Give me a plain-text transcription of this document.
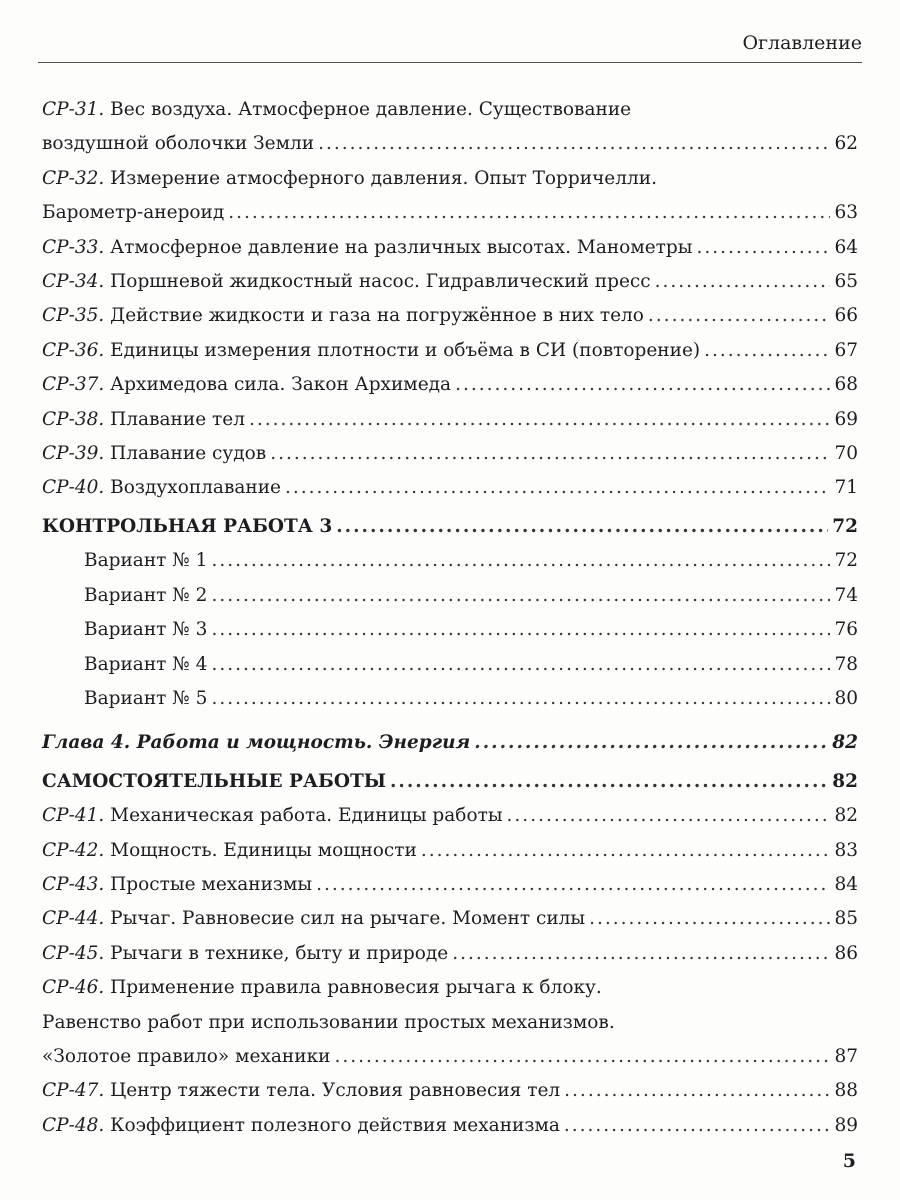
Оглавление
СР-31. Вес воздуха. Атмосферное давление. Существование
воздушной оболочки Земли .....	62
СР-32. Измерение атмосферного давления. Опыт Торричелли.
Барометр-анероид .....	63
СР-33. Атмосферное давление на различных высотах. Манометры .....	64
СР-34. Поршневой жидкостный насос. Гидравлический пресс .....	65
СР-35. Действие жидкости и газа на погружённое в них тело .....	66
СР-36. Единицы измерения плотности и объёма в СИ (повторение) .....	67
СР-37. Архимедова сила. Закон Архимеда .....	68
СР-38. Плавание тел .....	69
СР-39. Плавание судов .....	70
СР-40. Воздухоплавание .....	71
КОНТРОЛЬНАЯ РАБОТА 3 .....	72
Вариант № 1 .....	72
Вариант № 2 .....	74
Вариант № 3 .....	76
Вариант № 4 .....	78
Вариант № 5 .....	80
Глава 4. Работа и мощность. Энергия .....	82
САМОСТОЯТЕЛЬНЫЕ РАБОТЫ .....	82
СР-41. Механическая работа. Единицы работы .....	82
СР-42. Мощность. Единицы мощности .....	83
СР-43. Простые механизмы .....	84
СР-44. Рычаг. Равновесие сил на рычаге. Момент силы .....	85
СР-45. Рычаги в технике, быту и природе .....	86
СР-46. Применение правила равновесия рычага к блоку.
Равенство работ при использовании простых механизмов.
«Золотое правило» механики .....	87
СР-47. Центр тяжести тела. Условия равновесия тел .....	88
СР-48. Коэффициент полезного действия механизма .....	89
5
